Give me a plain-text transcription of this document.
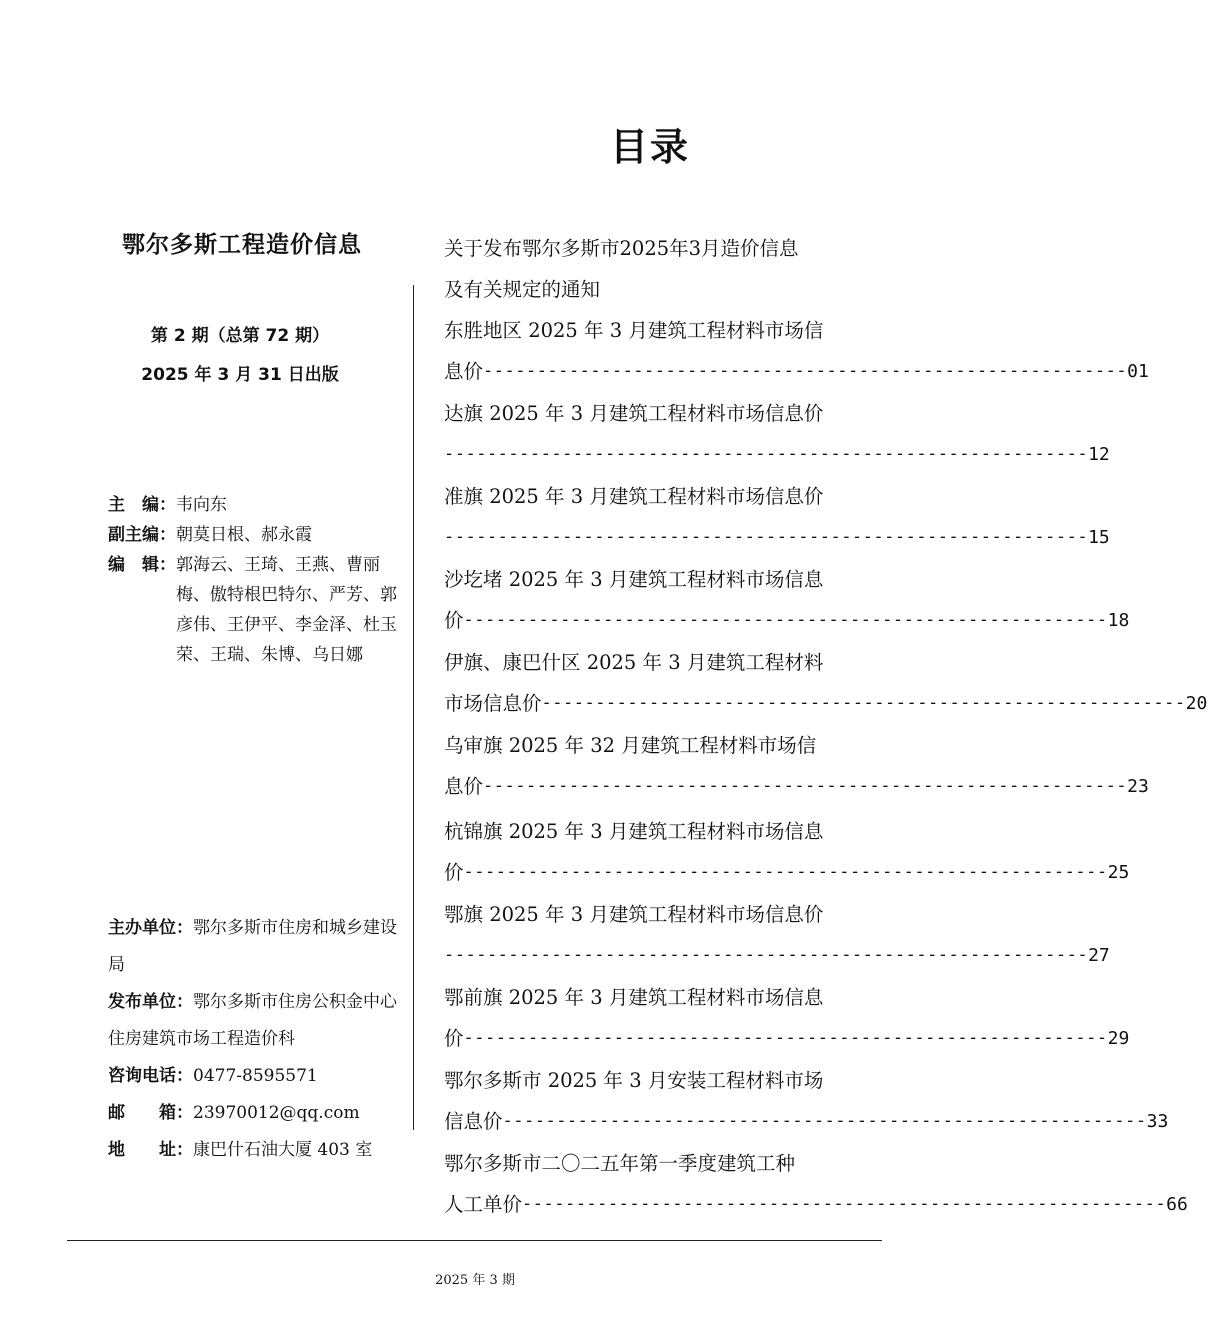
目录
鄂尔多斯工程造价信息
第 2 期（总第 72 期）
2025 年 3 月 31 日出版
主　编： 韦向东
副主编： 朝莫日根、郝永霞
编　辑： 郭海云、王琦、王燕、曹丽梅、傲特根巴特尔、严芳、郭彦伟、王伊平、李金泽、杜玉荣、王瑞、朱博、乌日娜
主办单位：鄂尔多斯市住房和城乡建设局
发布单位：鄂尔多斯市住房公积金中心住房建筑市场工程造价科
咨询电话：0477-8595571
邮　　箱：23970012@qq.com
地　　址：康巴什石油大厦 403 室
关于发布鄂尔多斯市2025年3月造价信息
及有关规定的通知
东胜地区 2025 年 3 月建筑工程材料市场信
息价 ------------------------------------------------------------ 01
达旗 2025 年 3 月建筑工程材料市场信息价
------------------------------------------------------------ 12
准旗 2025 年 3 月建筑工程材料市场信息价
------------------------------------------------------------ 15
沙圪堵 2025 年 3 月建筑工程材料市场信息
价 ------------------------------------------------------------ 18
伊旗、康巴什区 2025 年 3 月建筑工程材料
市场信息价 ------------------------------------------------------------ 20
乌审旗 2025 年 32 月建筑工程材料市场信
息价 ------------------------------------------------------------ 23
杭锦旗 2025 年 3 月建筑工程材料市场信息
价 ------------------------------------------------------------ 25
鄂旗 2025 年 3 月建筑工程材料市场信息价
------------------------------------------------------------ 27
鄂前旗 2025 年 3 月建筑工程材料市场信息
价 ------------------------------------------------------------ 29
鄂尔多斯市 2025 年 3 月安装工程材料市场
信息价 ------------------------------------------------------------ 33
鄂尔多斯市二〇二五年第一季度建筑工种
人工单价 ------------------------------------------------------------ 66
2025 年 3 期
